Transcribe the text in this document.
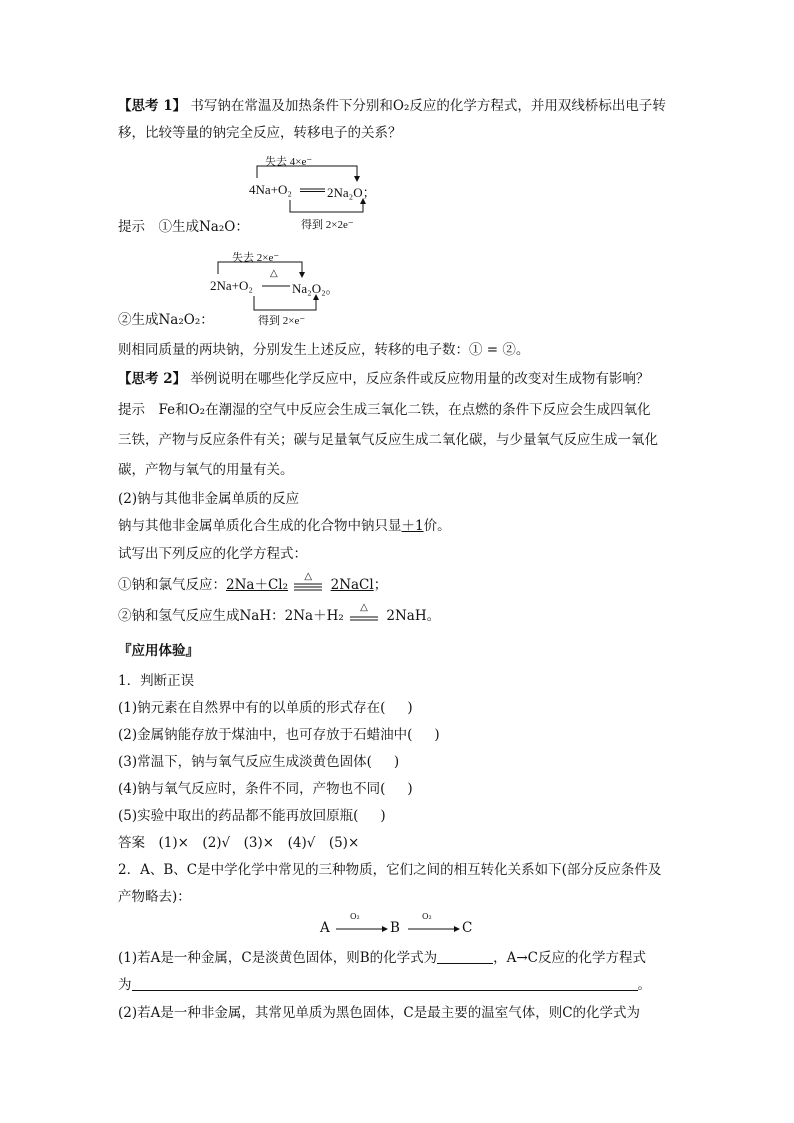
【思考 1】 书写钠在常温及加热条件下分别和O₂反应的化学方程式，并用双线桥标出电子转
移，比较等量的钠完全反应，转移电子的关系？
失去 4×e⁻
4Na+O₂	2Na₂O；
得到 2×2e⁻
提示　①生成Na₂O：
失去 2×e⁻
2Na+O₂
△
Na₂O₂。
得到 2×e⁻
②生成Na₂O₂：
则相同质量的两块钠，分别发生上述反应，转移的电子数：① = ②。
【思考 2】 举例说明在哪些化学反应中，反应条件或反应物用量的改变对生成物有影响？
提示　Fe和O₂在潮湿的空气中反应会生成三氧化二铁，在点燃的条件下反应会生成四氧化
三铁，产物与反应条件有关；碳与足量氧气反应生成二氧化碳，与少量氧气反应生成一氧化
碳，产物与氧气的用量有关。
(2)钠与其他非金属单质的反应
钠与其他非金属单质化合生成的化合物中钠只显＋1价。
试写出下列反应的化学方程式：
①钠和氯气反应：2Na＋Cl₂
△
2NaCl；
②钠和氢气反应生成NaH：2Na＋H₂
△
2NaH。
『应用体验』
1．判断正误
(1)钠元素在自然界中有的以单质的形式存在( )
(2)金属钠能存放于煤油中，也可存放于石蜡油中( )
(3)常温下，钠与氧气反应生成淡黄色固体( )
(4)钠与氧气反应时，条件不同，产物也不同( )
(5)实验中取出的药品都不能再放回原瓶( )
答案　(1)×　(2)√　(3)×　(4)√　(5)×
2．A、B、C是中学化学中常见的三种物质，它们之间的相互转化关系如下(部分反应条件及
产物略去)：
A
O₂
B
O₂
C
(1)若A是一种金属，C是淡黄色固体，则B的化学式为	，A→C反应的化学方程式
为	。
(2)若A是一种非金属，其常见单质为黑色固体，C是最主要的温室气体，则C的化学式为
